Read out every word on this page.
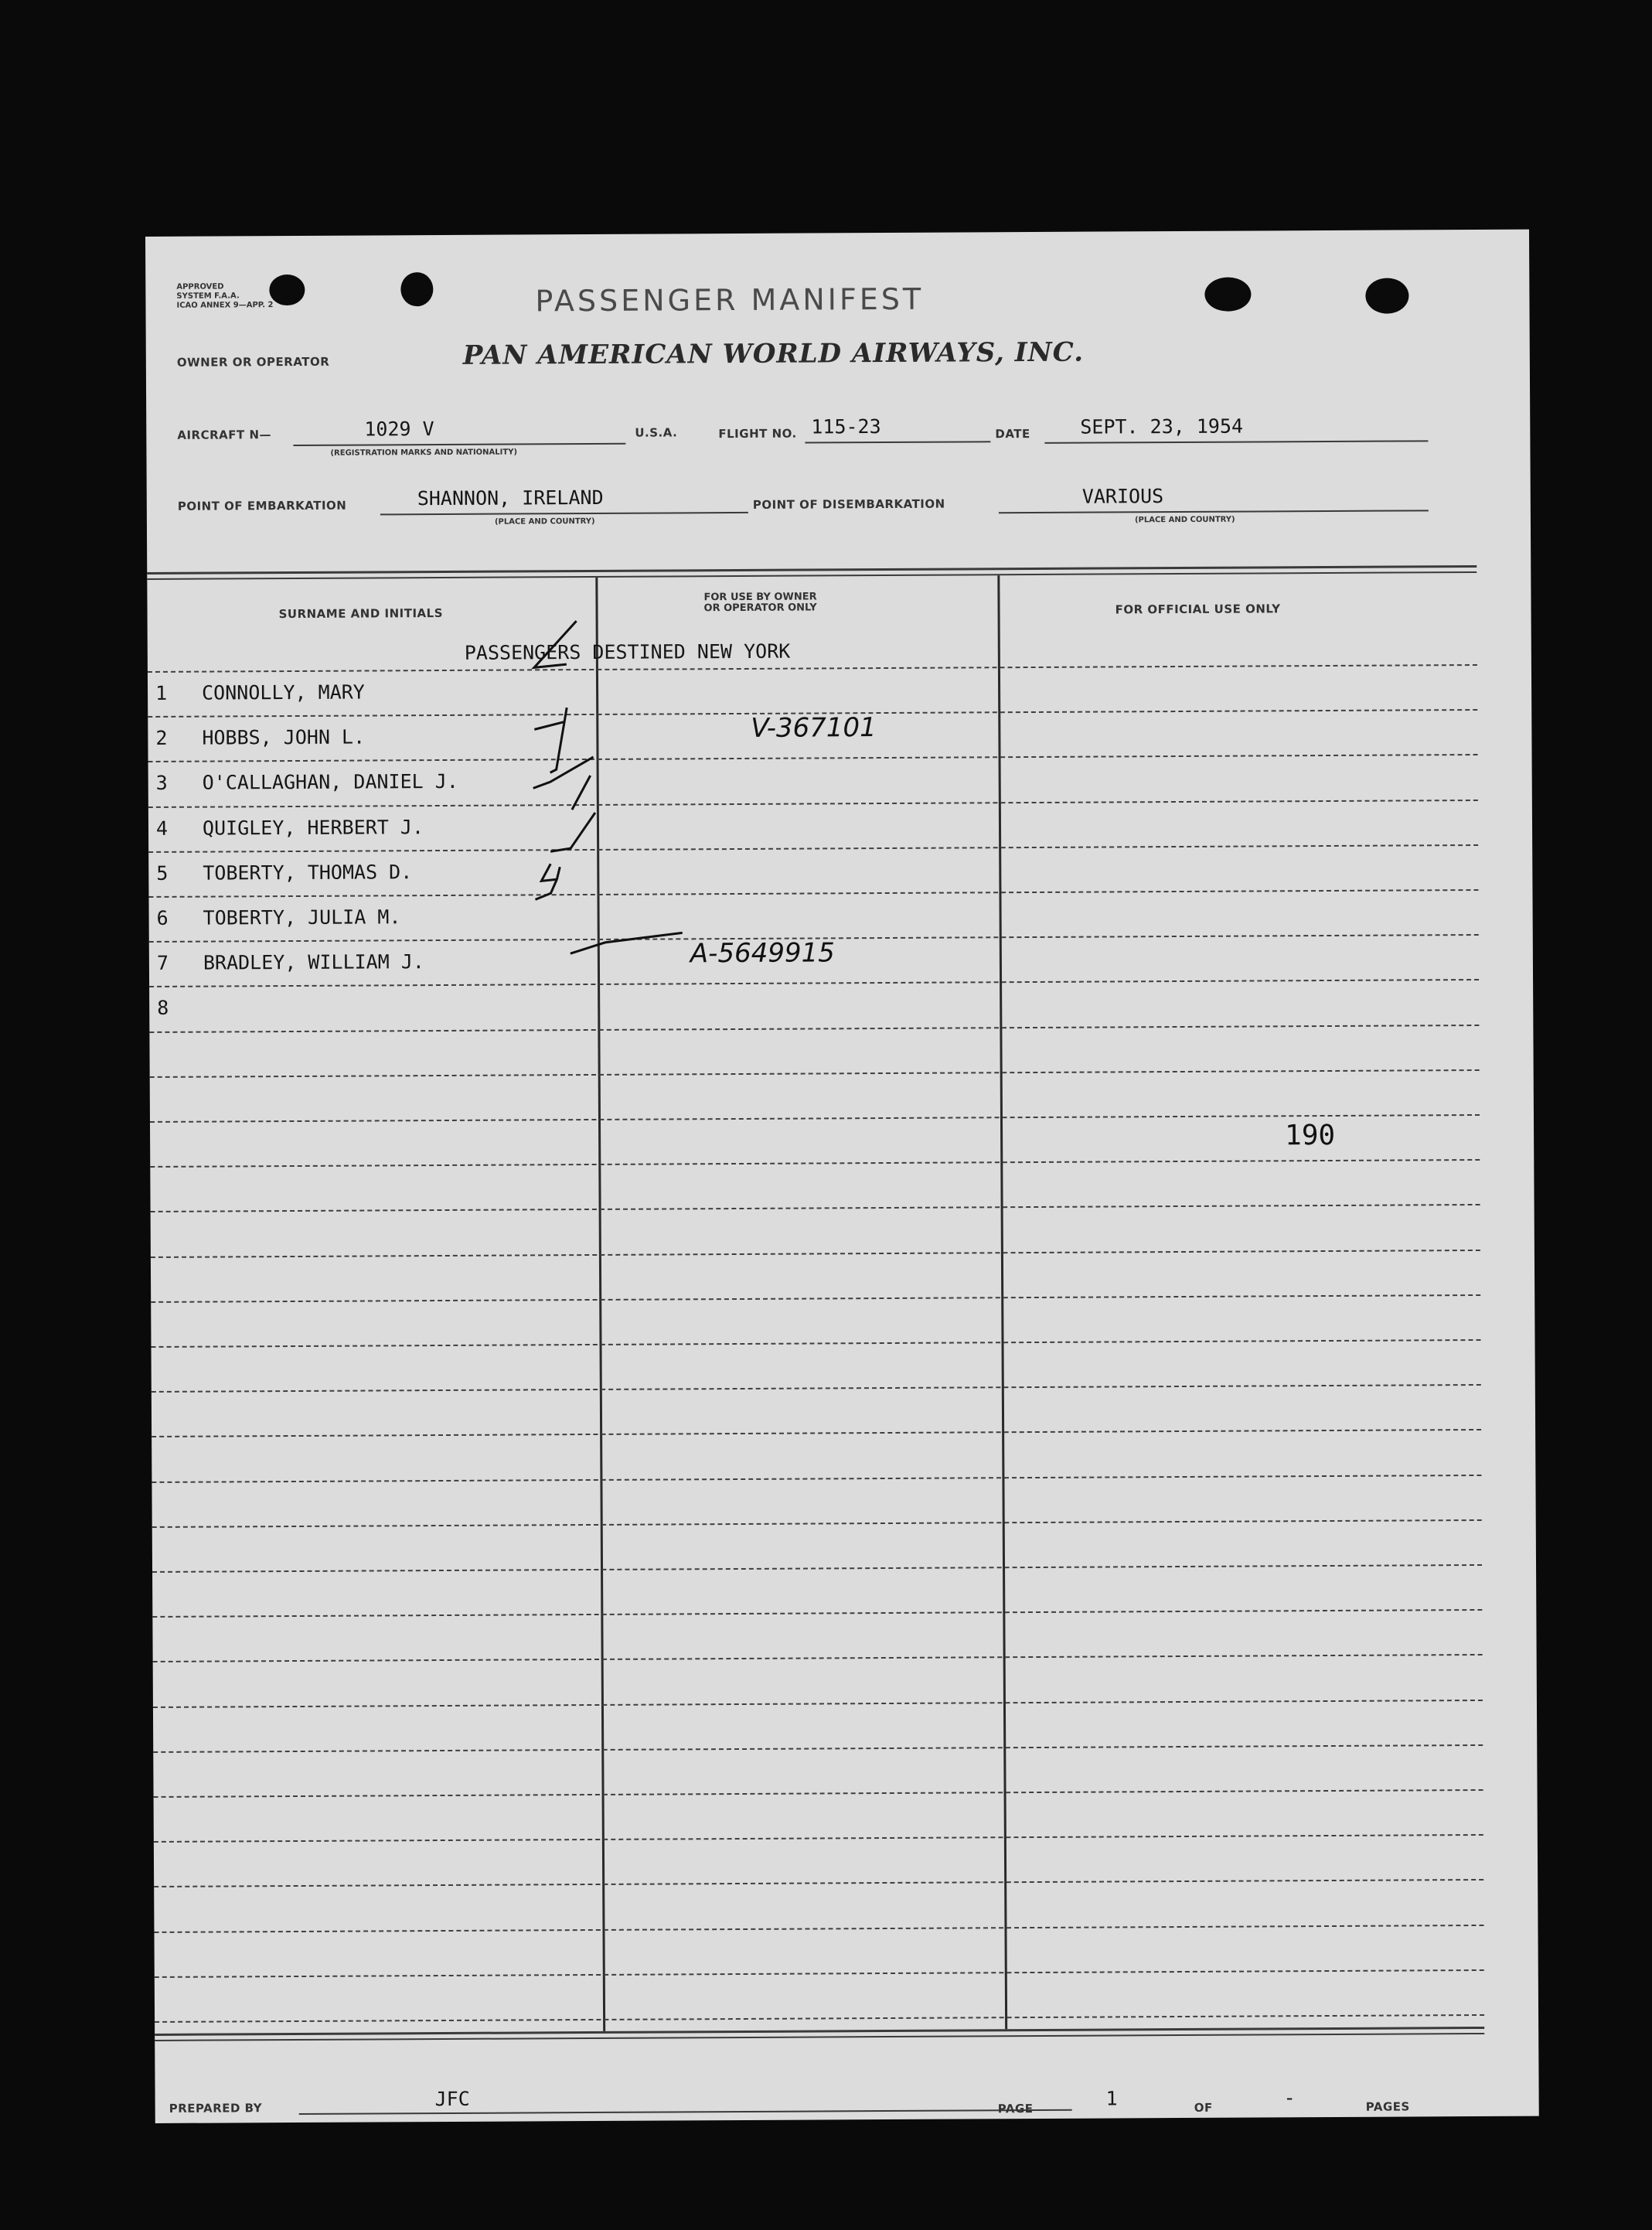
APPROVED
SYSTEM F.A.A.
ICAO ANNEX 9—APP. 2	PASSENGER MANIFEST
OWNER OR OPERATOR	PAN AMERICAN WORLD AIRWAYS, INC.
AIRCRAFT N—	1029 V
(REGISTRATION MARKS AND NATIONALITY)
U.S.A.	FLIGHT NO. 115-23	DATE	SEPT. 23, 1954
POINT OF EMBARKATION	SHANNON, IRELAND
(PLACE AND COUNTRY)
POINT OF DISEMBARKATION	VARIOUS
(PLACE AND COUNTRY)
SURNAME AND INITIALS
FOR USE BY OWNER
OR OPERATOR ONLY	FOR OFFICIAL USE ONLY
PASSENGERS DESTINED NEW YORK
1 CONNOLLY, MARY
2 HOBBS, JOHN L.	V-367101
3 O'CALLAGHAN, DANIEL J.
4 QUIGLEY, HERBERT J.
5 TOBERTY, THOMAS D.
6 TOBERTY, JULIA M.
7 BRADLEY, WILLIAM J.	A-5649915
8
190
PREPARED BY	JFC	PAGE	1	OF	-	PAGES
